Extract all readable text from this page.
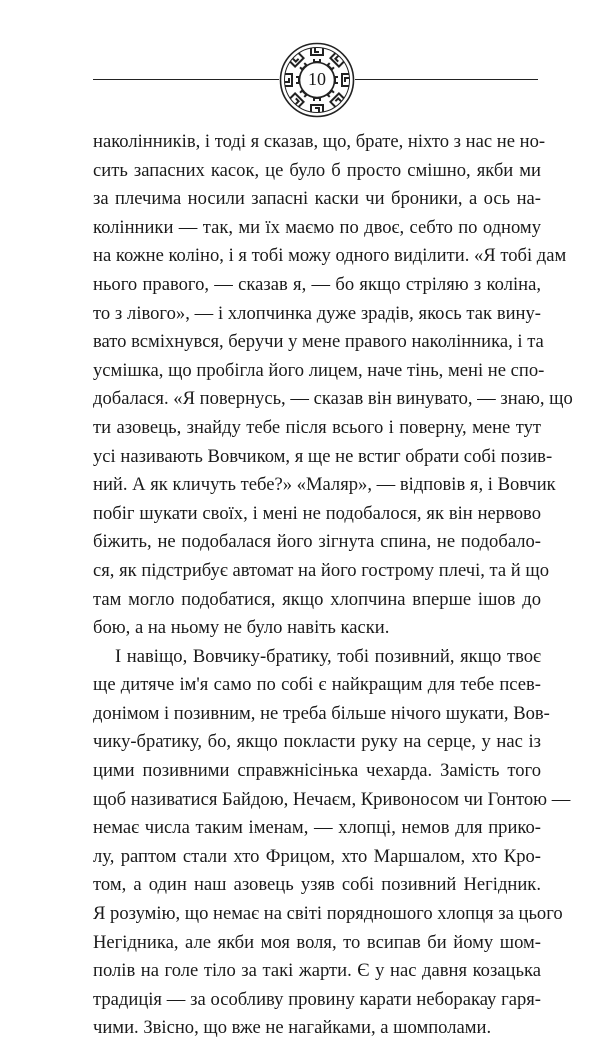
10
наколінників, і тоді я сказав, що, брате, ніхто з нас не но-
сить запасних касок, це було б просто смішно, якби ми
за плечима носили запасні каски чи броники, а ось на-
колінники — так, ми їх маємо по двоє, себто по одному
на кожне коліно, і я тобі можу одного виділити. «Я тобі дам
нього правого, — сказав я, — бо якщо стріляю з коліна,
то з лівого», — і хлопчинка дуже зрадів, якось так вину-
вато всміхнувся, беручи у мене правого наколінника, і та
усмішка, що пробігла його лицем, наче тінь, мені не спо-
добалася. «Я повернусь, — сказав він винувато, — знаю, що
ти азовець, знайду тебе після всього і поверну, мене тут
усі називають Вовчиком, я ще не встиг обрати собі позив-
ний. А як кличуть тебе?» «Маляр», — відповів я, і Вовчик
побіг шукати своїх, і мені не подобалося, як він нервово
біжить, не подобалася його зігнута спина, не подобало-
ся, як підстрибує автомат на його гострому плечі, та й що
там могло подобатися, якщо хлопчина вперше ішов до
бою, а на ньому не було навіть каски.
І навіщо, Вовчику-братику, тобі позивний, якщо твоє
ще дитяче ім'я само по собі є найкращим для тебе псев-
донімом і позивним, не треба більше нічого шукати, Вов-
чику-братику, бо, якщо покласти руку на серце, у нас із
цими позивними справжнісінька чехарда. Замість того
щоб називатися Байдою, Нечаєм, Кривоносом чи Гонтою —
немає числа таким іменам, — хлопці, немов для прико-
лу, раптом стали хто Фрицом, хто Маршалом, хто Кро-
том, а один наш азовець узяв собі позивний Негідник.
Я розумію, що немає на світі порядношого хлопця за цього
Негідника, але якби моя воля, то всипав би йому шом-
полів на голе тіло за такі жарти. Є у нас давня козацька
традиція — за особливу провину карати неборакау гаря-
чими. Звісно, що вже не нагайками, а шомполами.
